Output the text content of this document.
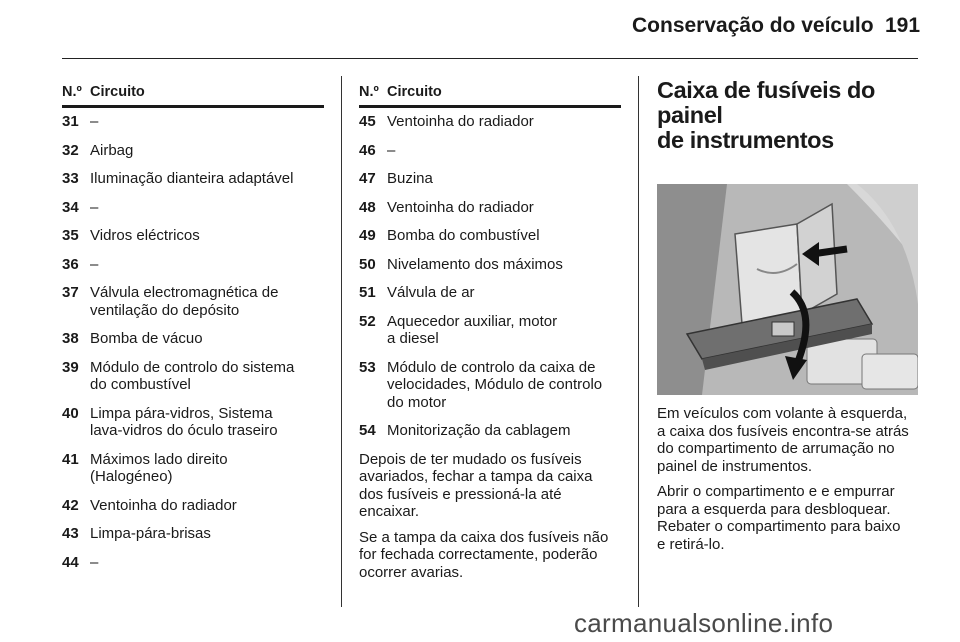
Conservação do veículo 191
N.º Circuito
31 –
32 Airbag
33 Iluminação dianteira adaptável
34 –
35 Vidros eléctricos
36 –
37 Válvula electromagnética de
ventilação do depósito
38 Bomba de vácuo
39 Módulo de controlo do sistema
do combustível
40 Limpa pára-vidros, Sistema
lava-vidros do óculo traseiro
41 Máximos lado direito
(Halogéneo)
42 Ventoinha do radiador
43 Limpa-pára-brisas
44 –
N.º Circuito
45 Ventoinha do radiador
46 –
47 Buzina
48 Ventoinha do radiador
49 Bomba do combustível
50 Nivelamento dos máximos
51 Válvula de ar
52 Aquecedor auxiliar, motor
a diesel
53 Módulo de controlo da caixa de
velocidades, Módulo de controlo
do motor
54 Monitorização da cablagem
Depois de ter mudado os fusíveis
avariados, fechar a tampa da caixa
dos fusíveis e pressioná-la até
encaixar.
Se a tampa da caixa dos fusíveis não
for fechada correctamente, poderão
ocorrer avarias.
Caixa de fusíveis do painel
de instrumentos
Em veículos com volante à esquerda,
a caixa dos fusíveis encontra-se atrás
do compartimento de arrumação no
painel de instrumentos.
Abrir o compartimento e e empurrar
para a esquerda para desbloquear.
Rebater o compartimento para baixo
e retirá-lo.
carmanualsonline.info
